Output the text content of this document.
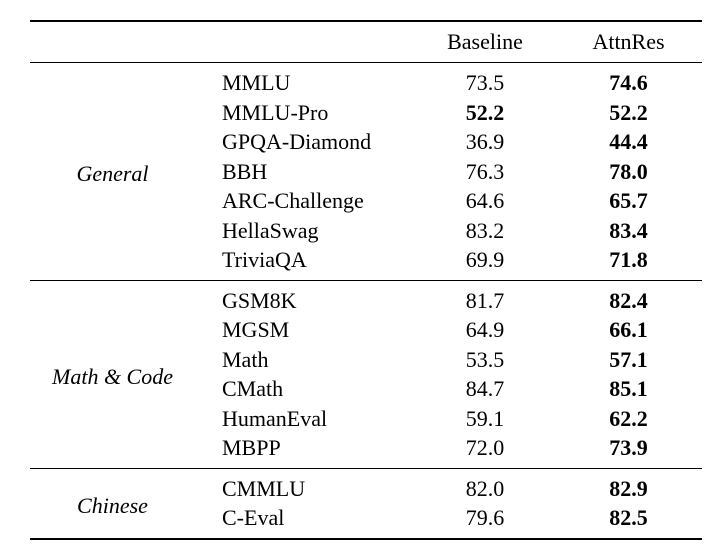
		Baseline	AttnRes
General	MMLU	73.5	74.6
	MMLU-Pro	52.2	52.2
	GPQA-Diamond	36.9	44.4
	BBH	76.3	78.0
	ARC-Challenge	64.6	65.7
	HellaSwag	83.2	83.4
	TriviaQA	69.9	71.8
Math & Code	GSM8K	81.7	82.4
	MGSM	64.9	66.1
	Math	53.5	57.1
	CMath	84.7	85.1
	HumanEval	59.1	62.2
	MBPP	72.0	73.9
Chinese	CMMLU	82.0	82.9
	C-Eval	79.6	82.5
